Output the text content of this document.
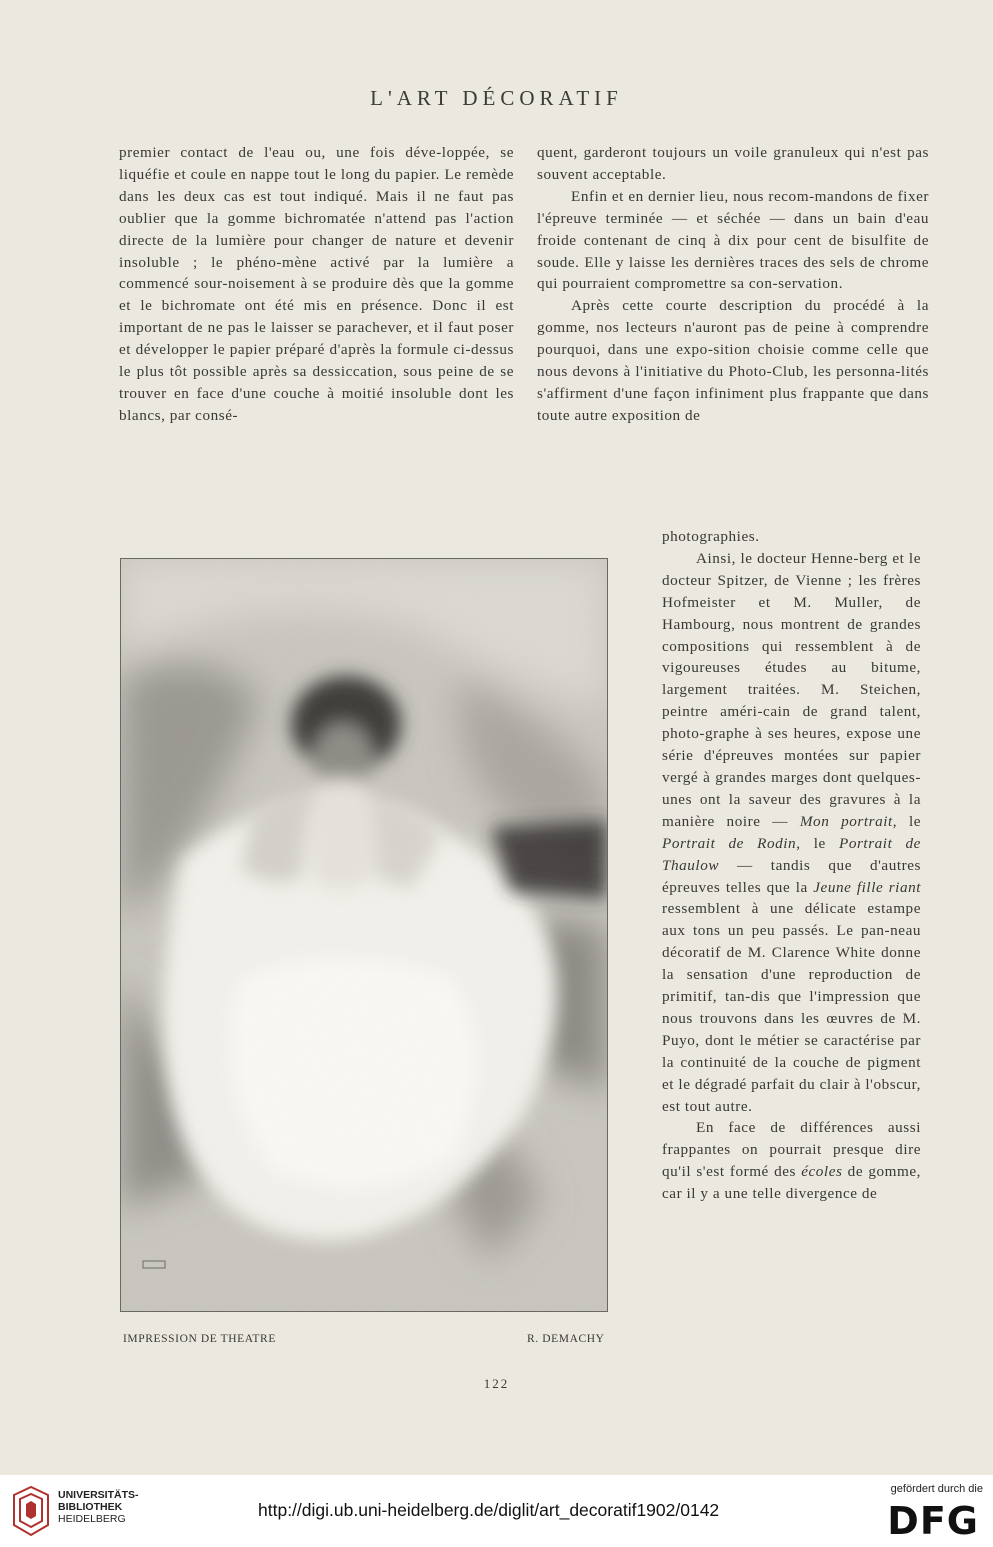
L'ART DÉCORATIF

premier contact de l'eau ou, une fois déve-loppée, se liquéfie et coule en nappe tout le long du papier. Le remède dans les deux cas est tout indiqué. Mais il ne faut pas oublier que la gomme bichromatée n'attend pas l'action directe de la lumière pour changer de nature et devenir insoluble ; le phéno-mène activé par la lumière a commencé sour-noisement à se produire dès que la gomme et le bichromate ont été mis en présence. Donc il est important de ne pas le laisser se parachever, et il faut poser et développer le papier préparé d'après la formule ci-dessus le plus tôt possible après sa dessiccation, sous peine de se trouver en face d'une couche à moitié insoluble dont les blancs, par consé-

quent, garderont toujours un voile granuleux qui n'est pas souvent acceptable.

Enfin et en dernier lieu, nous recom-mandons de fixer l'épreuve terminée — et séchée — dans un bain d'eau froide contenant de cinq à dix pour cent de bisulfite de soude. Elle y laisse les dernières traces des sels de chrome qui pourraient compromettre sa con-servation.

Après cette courte description du procédé à la gomme, nos lecteurs n'auront pas de peine à comprendre pourquoi, dans une expo-sition choisie comme celle que nous devons à l'initiative du Photo-Club, les personna-lités s'affirment d'une façon infiniment plus frappante que dans toute autre exposition de

photographies.

Ainsi, le docteur Henne-berg et le docteur Spitzer, de Vienne ; les frères Hofmeister et M. Muller, de Hambourg, nous montrent de grandes compositions qui ressemblent à de vigoureuses études au bitume, largement traitées. M. Steichen, peintre améri-cain de grand talent, photo-graphe à ses heures, expose une série d'épreuves montées sur papier vergé à grandes marges dont quelques-unes ont la saveur des gravures à la manière noire — Mon portrait, le Portrait de Rodin, le Portrait de Thaulow — tandis que d'autres épreuves telles que la Jeune fille riant ressemblent à une délicate estampe aux tons un peu passés. Le pan-neau décoratif de M. Clarence White donne la sensation d'une reproduction de primitif, tan-dis que l'impression que nous trouvons dans les œuvres de M. Puyo, dont le métier se caractérise par la continuité de la couche de pigment et le dégradé parfait du clair à l'obscur, est tout autre.

En face de différences aussi frappantes on pourrait presque dire qu'il s'est formé des écoles de gomme, car il y a une telle divergence de

IMPRESSION DE THEATRE	R. DEMACHY
122
UNIVERSITÄTS-
BIBLIOTHEK
HEIDELBERG	http://digi.ub.uni-heidelberg.de/diglit/art_decoratif1902/0142
gefördert durch die
DFG
